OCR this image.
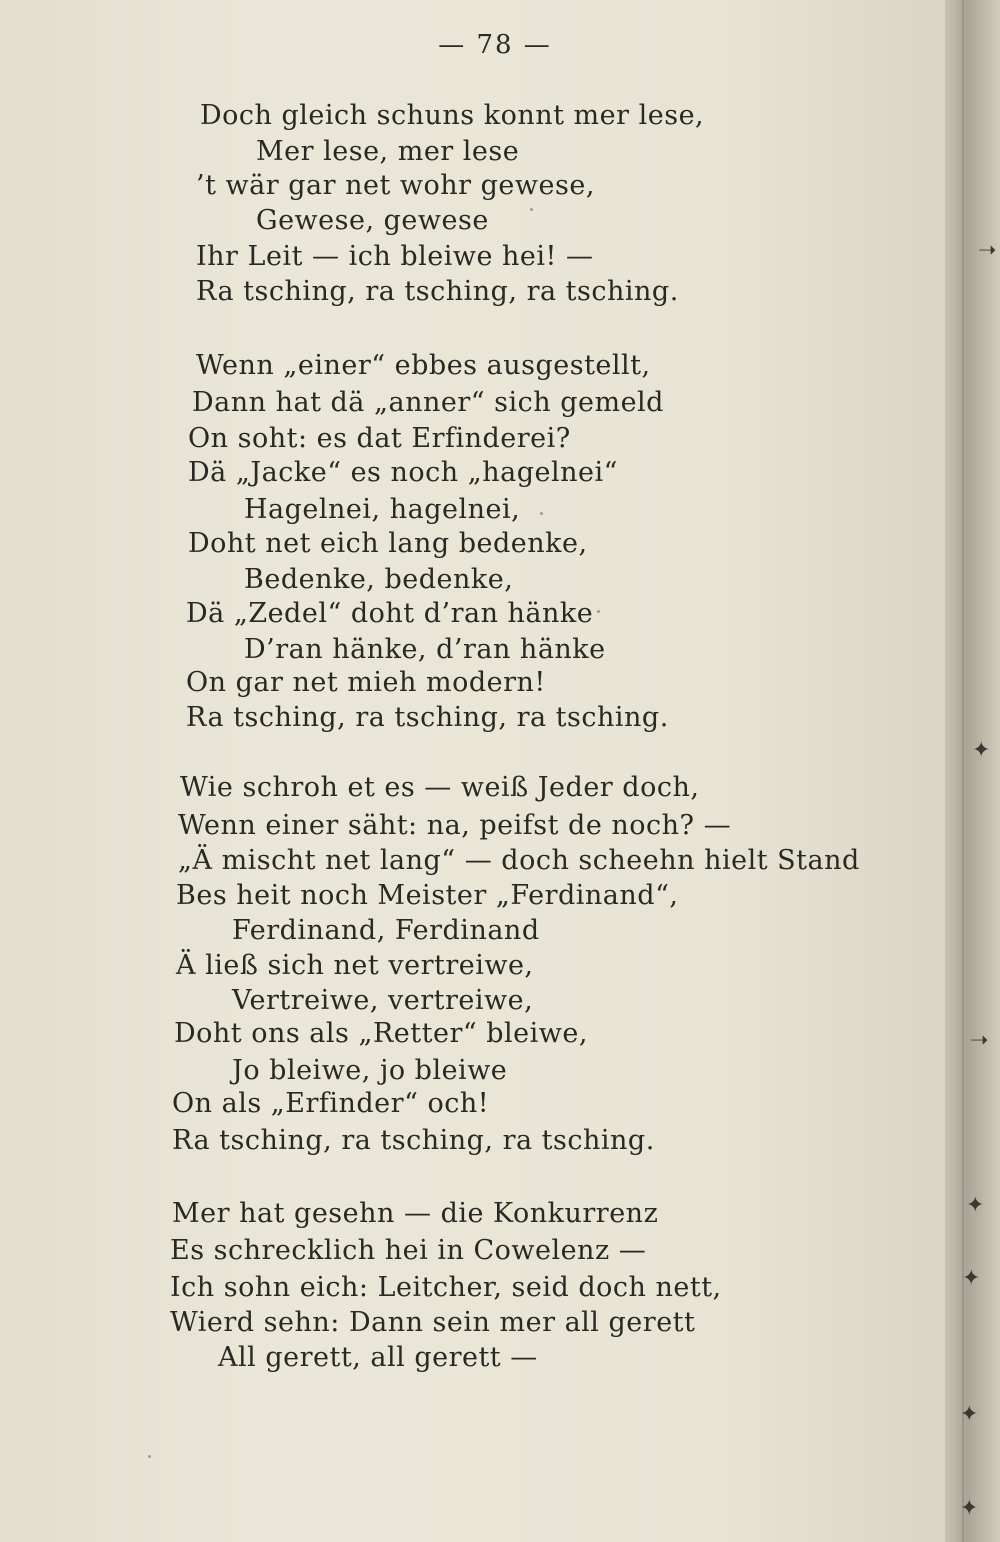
➝
✦
➝
✦
✦
✦
✦
— 78 —
Doch gleich schuns konnt mer lese,
Mer lese, mer lese
’t wär gar net wohr gewese,
Gewese, gewese
Ihr Leit — ich bleiwe hei! —
Ra tsching, ra tsching, ra tsching.
Wenn „einer“ ebbes ausgestellt,
Dann hat dä „anner“ sich gemeld
On soht: es dat Erfinderei?
Dä „Jacke“ es noch „hagelnei“
Hagelnei, hagelnei,
Doht net eich lang bedenke,
Bedenke, bedenke,
Dä „Zedel“ doht d’ran hänke
D’ran hänke, d’ran hänke
On gar net mieh modern!
Ra tsching, ra tsching, ra tsching.
Wie schroh et es — weiß Jeder doch,
Wenn einer säht: na, peifst de noch? —
„Ä mischt net lang“ — doch scheehn hielt Stand
Bes heit noch Meister „Ferdinand“,
Ferdinand, Ferdinand
Ä ließ sich net vertreiwe,
Vertreiwe, vertreiwe,
Doht ons als „Retter“ bleiwe,
Jo bleiwe, jo bleiwe
On als „Erfinder“ och!
Ra tsching, ra tsching, ra tsching.
Mer hat gesehn — die Konkurrenz
Es schrecklich hei in Cowelenz —
Ich sohn eich: Leitcher, seid doch nett,
Wierd sehn: Dann sein mer all gerett
All gerett, all gerett —
